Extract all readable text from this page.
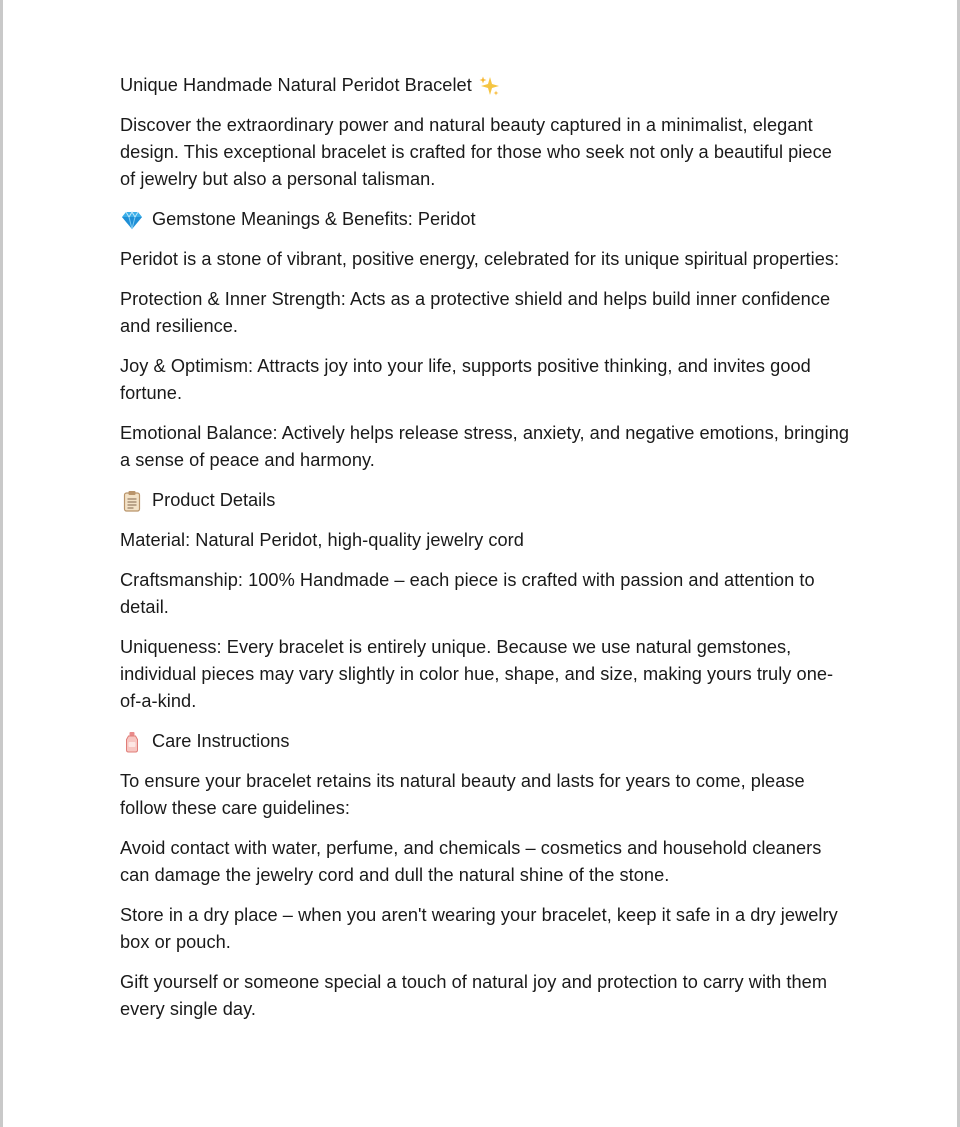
Unique Handmade Natural Peridot Bracelet

Discover the extraordinary power and natural beauty captured in a minimalist, elegant design. This exceptional bracelet is crafted for those who seek not only a beautiful piece of jewelry but also a personal talisman.

Gemstone Meanings & Benefits: Peridot

Peridot is a stone of vibrant, positive energy, celebrated for its unique spiritual properties:

Protection & Inner Strength: Acts as a protective shield and helps build inner confidence and resilience.

Joy & Optimism: Attracts joy into your life, supports positive thinking, and invites good fortune.

Emotional Balance: Actively helps release stress, anxiety, and negative emotions, bringing a sense of peace and harmony.

Product Details

Material: Natural Peridot, high-quality jewelry cord

Craftsmanship: 100% Handmade – each piece is crafted with passion and attention to detail.

Uniqueness: Every bracelet is entirely unique. Because we use natural gemstones, individual pieces may vary slightly in color hue, shape, and size, making yours truly one-of-a-kind.

Care Instructions

To ensure your bracelet retains its natural beauty and lasts for years to come, please follow these care guidelines:

Avoid contact with water, perfume, and chemicals – cosmetics and household cleaners can damage the jewelry cord and dull the natural shine of the stone.

Store in a dry place – when you aren't wearing your bracelet, keep it safe in a dry jewelry box or pouch.

Gift yourself or someone special a touch of natural joy and protection to carry with them every single day.
